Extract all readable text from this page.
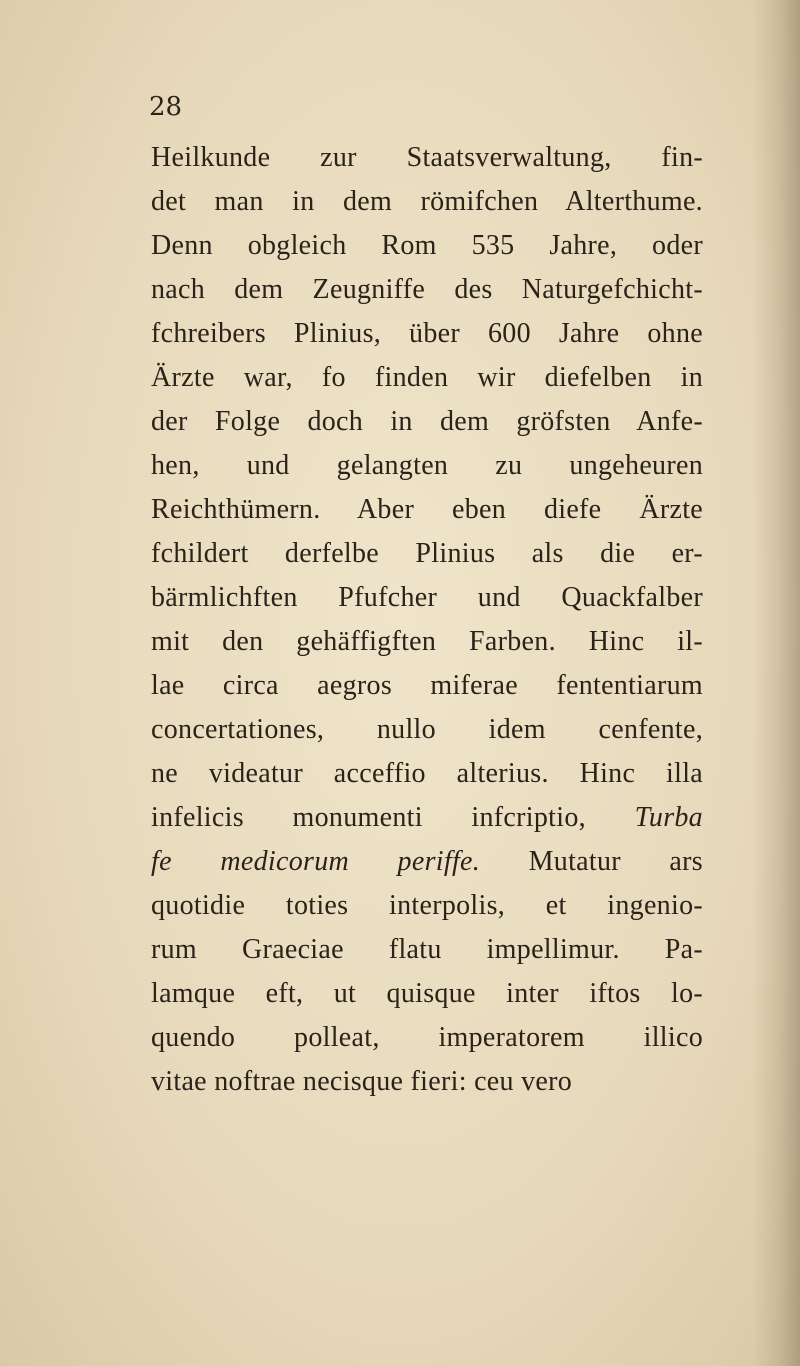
28

Heilkunde zur Staatsverwaltung, fin-
det man in dem römifchen Alterthume.
Denn obgleich Rom 535 Jahre, oder
nach dem Zeugniffe des Naturgefchicht-
fchreibers Plinius, über 600 Jahre ohne
Ärzte war, fo finden wir diefelben in
der Folge doch in dem gröfsten Anfe-
hen, und gelangten zu ungeheuren
Reichthümern. Aber eben diefe Ärzte
fchildert derfelbe Plinius als die er-
bärmlichften Pfufcher und Quackfalber
mit den gehäffigften Farben. Hinc il-
lae circa aegros miferae fententiarum
concertationes, nullo idem cenfente,
ne videatur acceffio alterius. Hinc illa
infelicis monumenti infcriptio, Turba
fe medicorum periffe. Mutatur ars
quotidie toties interpolis, et ingenio-
rum Graeciae flatu impellimur. Pa-
lamque eft, ut quisque inter iftos lo-
quendo polleat, imperatorem illico
vitae noftrae necisque fieri: ceu vero
